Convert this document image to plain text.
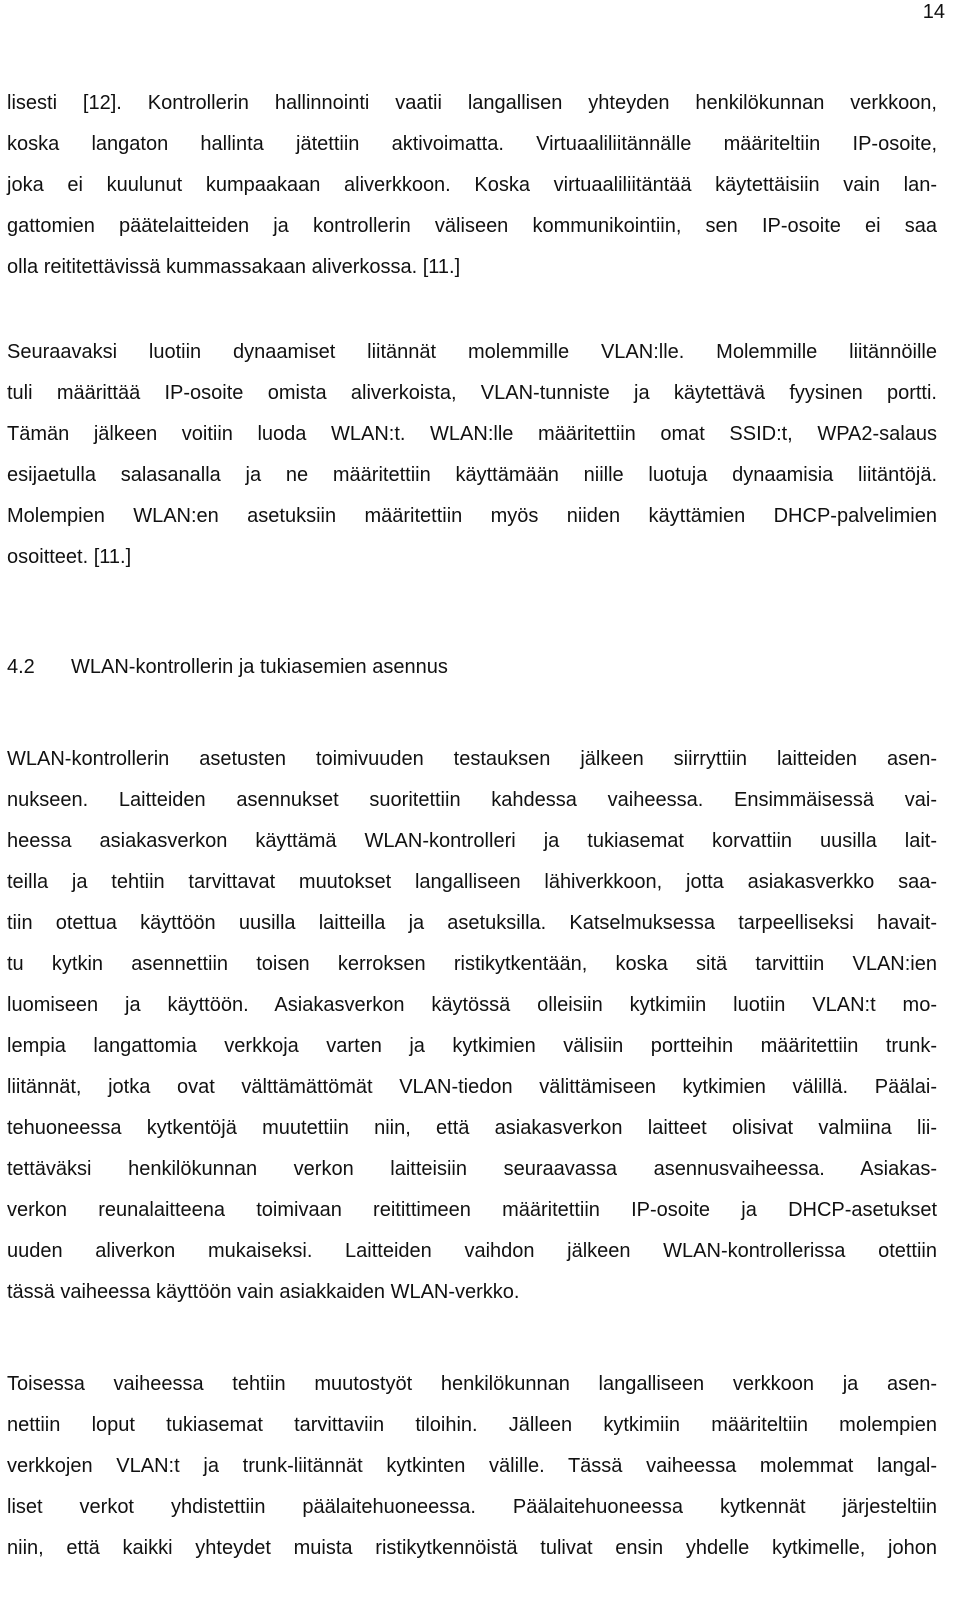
14
lisesti [12]. Kontrollerin hallinnointi vaatii langallisen yhteyden henkilökunnan verkkoon,
koska langaton hallinta jätettiin aktivoimatta. Virtuaaliliitännälle määriteltiin IP-osoite,
joka ei kuulunut kumpaakaan aliverkkoon. Koska virtuaaliliitäntää käytettäisiin vain lan-
gattomien päätelaitteiden ja kontrollerin väliseen kommunikointiin, sen IP-osoite ei saa
olla reititettävissä kummassakaan aliverkossa. [11.]
Seuraavaksi luotiin dynaamiset liitännät molemmille VLAN:lle. Molemmille liitännöille
tuli määrittää IP-osoite omista aliverkoista, VLAN-tunniste ja käytettävä fyysinen portti.
Tämän jälkeen voitiin luoda WLAN:t. WLAN:lle määritettiin omat SSID:t, WPA2-salaus
esijaetulla salasanalla ja ne määritettiin käyttämään niille luotuja dynaamisia liitäntöjä.
Molempien WLAN:en asetuksiin määritettiin myös niiden käyttämien DHCP-palvelimien
osoitteet. [11.]
4.2 WLAN-kontrollerin ja tukiasemien asennus
WLAN-kontrollerin asetusten toimivuuden testauksen jälkeen siirryttiin laitteiden asen-
nukseen. Laitteiden asennukset suoritettiin kahdessa vaiheessa. Ensimmäisessä vai-
heessa asiakasverkon käyttämä WLAN-kontrolleri ja tukiasemat korvattiin uusilla lait-
teilla ja tehtiin tarvittavat muutokset langalliseen lähiverkkoon, jotta asiakasverkko saa-
tiin otettua käyttöön uusilla laitteilla ja asetuksilla. Katselmuksessa tarpeelliseksi havait-
tu kytkin asennettiin toisen kerroksen ristikytkentään, koska sitä tarvittiin VLAN:ien
luomiseen ja käyttöön. Asiakasverkon käytössä olleisiin kytkimiin luotiin VLAN:t mo-
lempia langattomia verkkoja varten ja kytkimien välisiin portteihin määritettiin trunk-
liitännät, jotka ovat välttämättömät VLAN-tiedon välittämiseen kytkimien välillä. Päälai-
tehuoneessa kytkentöjä muutettiin niin, että asiakasverkon laitteet olisivat valmiina lii-
tettäväksi henkilökunnan verkon laitteisiin seuraavassa asennusvaiheessa. Asiakas-
verkon reunalaitteena toimivaan reitittimeen määritettiin IP-osoite ja DHCP-asetukset
uuden aliverkon mukaiseksi. Laitteiden vaihdon jälkeen WLAN-kontrollerissa otettiin
tässä vaiheessa käyttöön vain asiakkaiden WLAN-verkko.
Toisessa vaiheessa tehtiin muutostyöt henkilökunnan langalliseen verkkoon ja asen-
nettiin loput tukiasemat tarvittaviin tiloihin. Jälleen kytkimiin määriteltiin molempien
verkkojen VLAN:t ja trunk-liitännät kytkinten välille. Tässä vaiheessa molemmat langal-
liset verkot yhdistettiin päälaitehuoneessa. Päälaitehuoneessa kytkennät järjesteltiin
niin, että kaikki yhteydet muista ristikytkennöistä tulivat ensin yhdelle kytkimelle, johon
